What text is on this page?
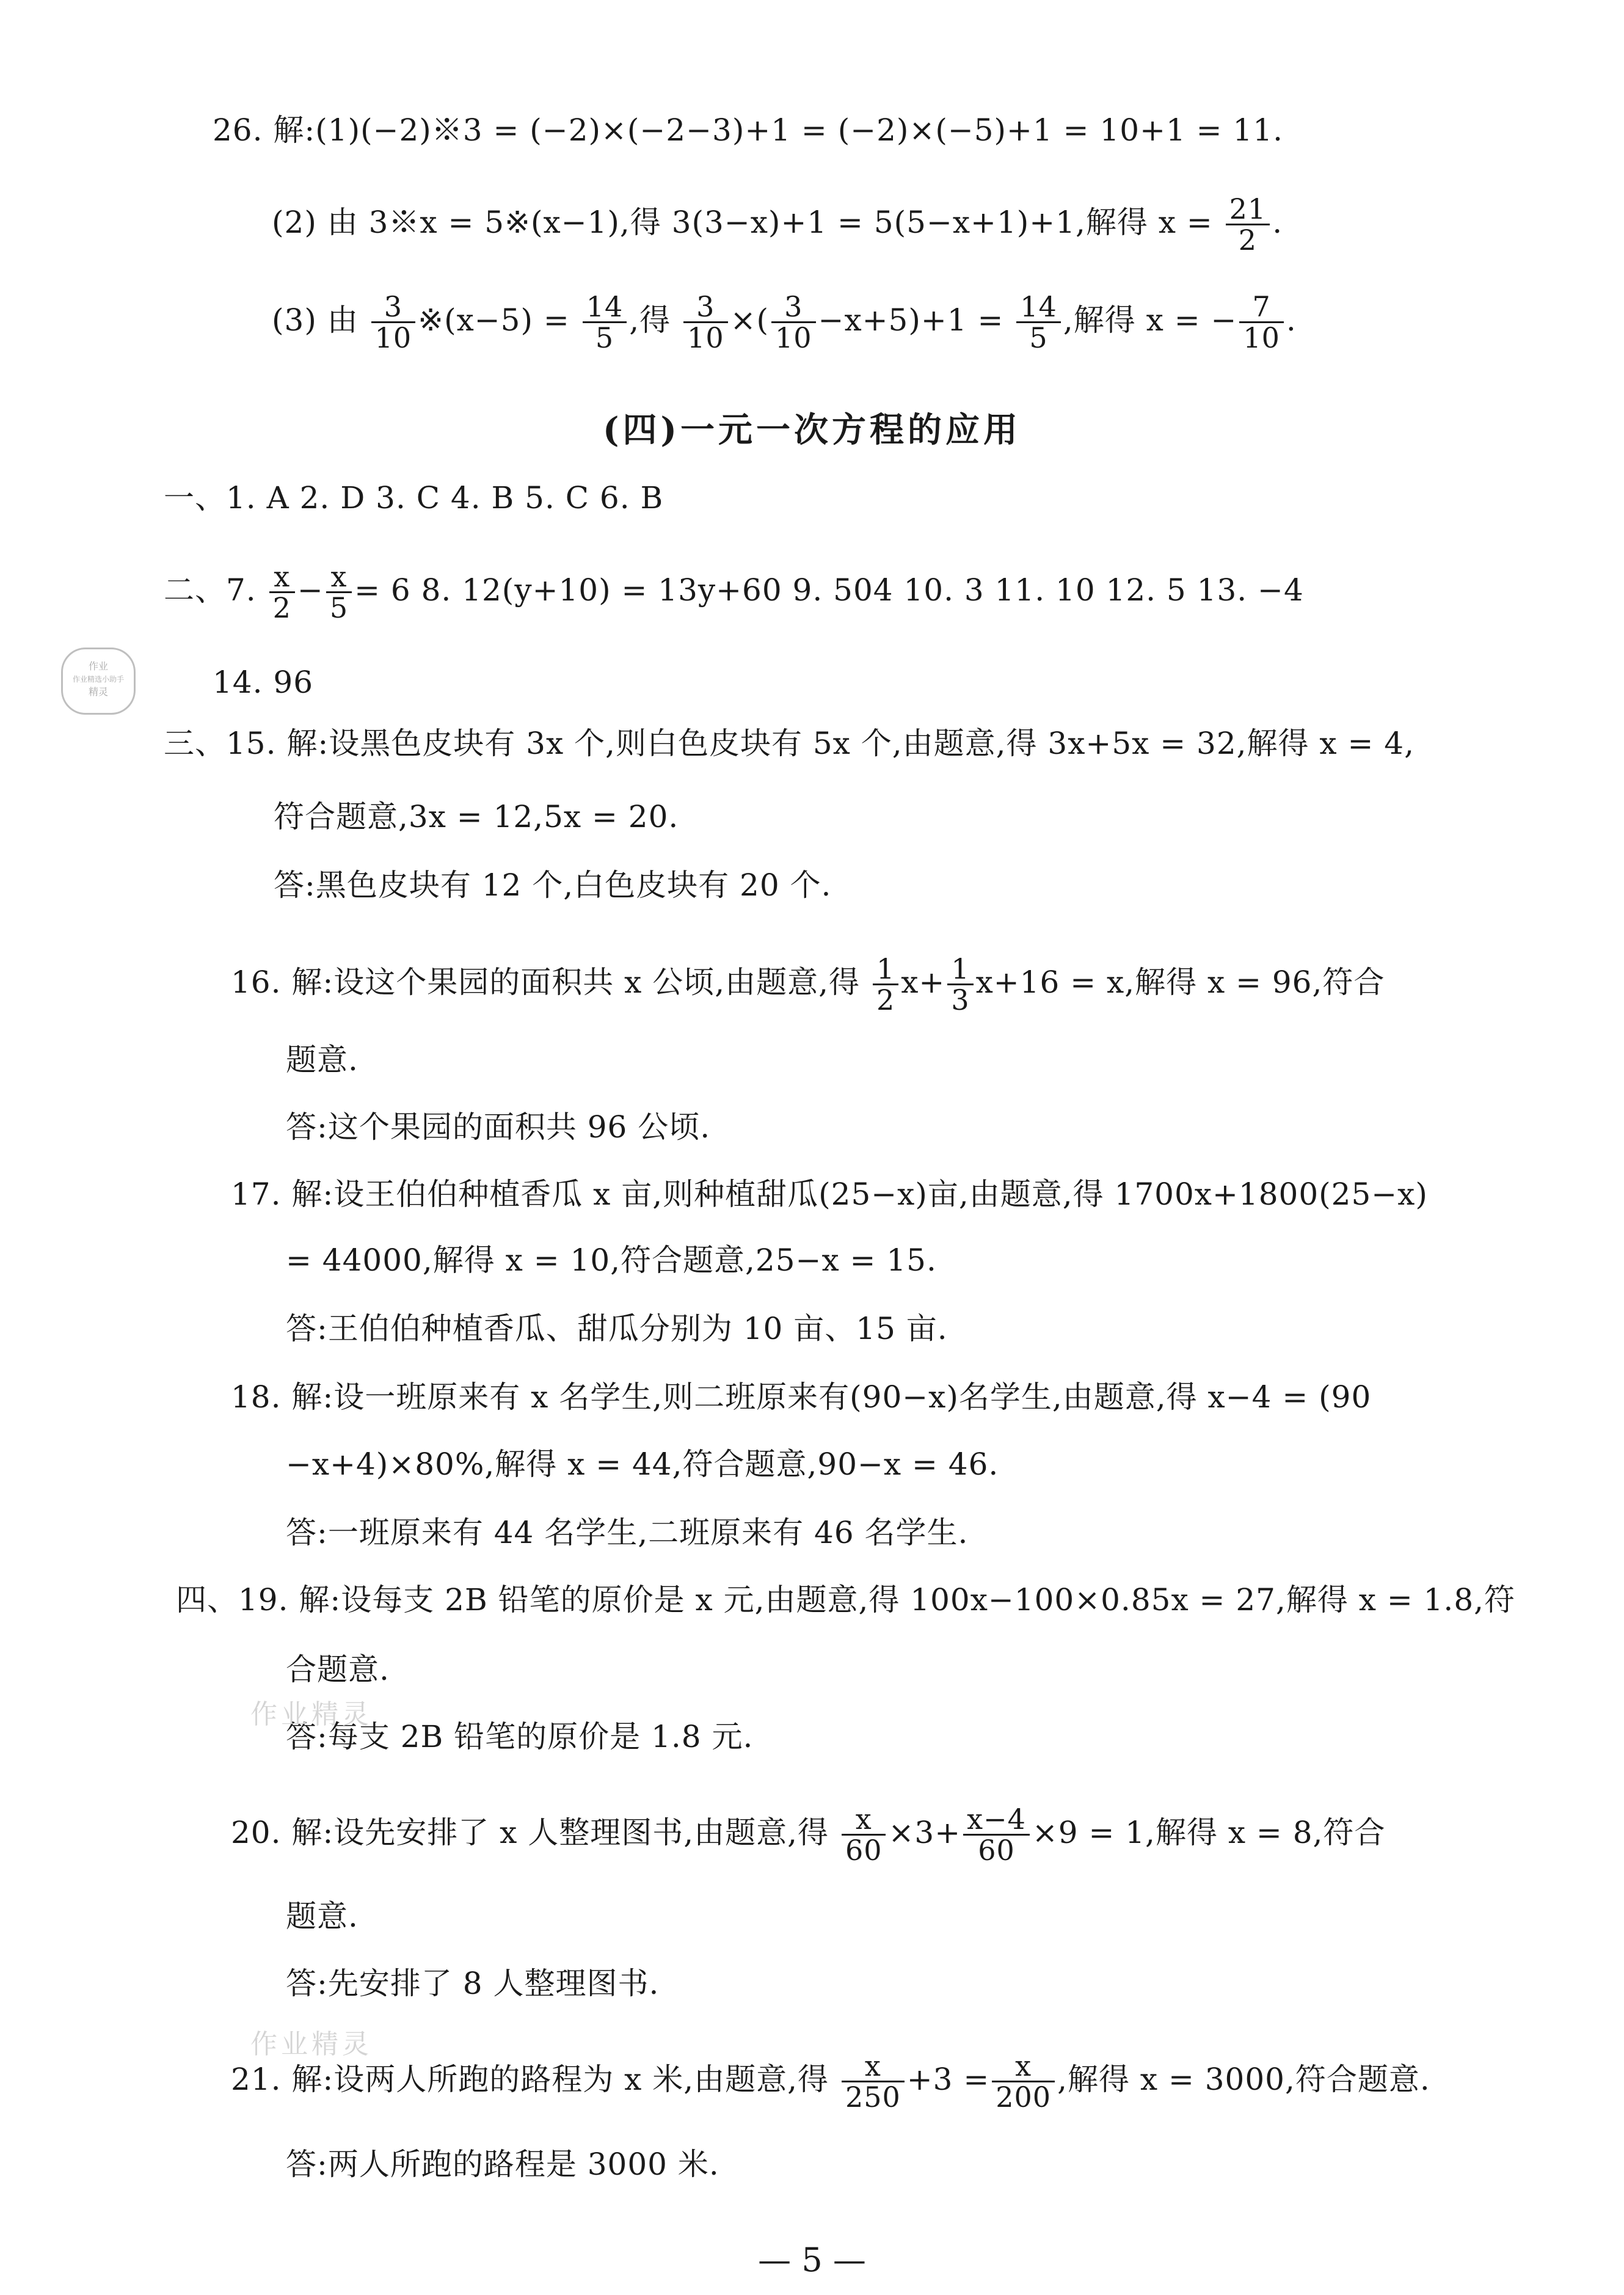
26. 解:(1)(−2)※3 = (−2)×(−2−3)+1 = (−2)×(−5)+1 = 10+1 = 11.
(2) 由 3※x = 5※(x−1),得 3(3−x)+1 = 5(5−x+1)+1,解得 $x = \frac{21}{2}$ .
(3) 由 $\frac{3}{10}$ ※(x−5) = $\frac{14}{5}$ ,得 $\frac{3}{10}$ ×( $\frac{3}{10} -x+5)+1 = \frac{14}{5}$ ,解得 x = − $\frac{7}{10}$ .
(四)一元一次方程的应用
一、1. A 2. D 3. C 4. B 5. C 6. B
二、7. $\frac{x}{2} - \frac{x}{5} = 6$ 8. 12(y+10) = 13y+60 9. 504 10. 3 11. 10 12. 5 13. −4
14. 96
三、15. 解:设黑色皮块有 3x 个,则白色皮块有 5x 个,由题意,得 3x+5x = 32,解得 x = 4,
符合题意,3x = 12,5x = 20.
答:黑色皮块有 12 个,白色皮块有 20 个.
16. 解:设这个果园的面积共 x 公顷,由题意,得 $\frac{1}{2} x+ \frac{1}{3} x+16 = x$,解得 x = 96,符合
题意.
答:这个果园的面积共 96 公顷.
17. 解:设王伯伯种植香瓜 x 亩,则种植甜瓜(25−x)亩,由题意,得 1700x+1800(25−x)
= 44000,解得 x = 10,符合题意,25−x = 15.
答:王伯伯种植香瓜、甜瓜分别为 10 亩、15 亩.
18. 解:设一班原来有 x 名学生,则二班原来有(90−x)名学生,由题意,得 x−4 = (90
−x+4)×80%,解得 x = 44,符合题意,90−x = 46.
答:一班原来有 44 名学生,二班原来有 46 名学生.
四、19. 解:设每支 2B 铅笔的原价是 x 元,由题意,得 100x−100×0.85x = 27,解得 x = 1.8,符
合题意.
答:每支 2B 铅笔的原价是 1.8 元.
20. 解:设先安排了 x 人整理图书,由题意,得 $\frac{x}{60} \times 3+ \frac{x-4}{60} \times 9 = 1$,解得 x = 8,符合
题意.
答:先安排了 8 人整理图书.
21. 解:设两人所跑的路程为 x 米,由题意,得 $\frac{x}{250} +3 = \frac{x}{200}$ ,解得 x = 3000,符合题意.
答:两人所跑的路程是 3000 米.
— 5 —
作业
作业精选小助手
精灵
作业精灵
作业精灵
